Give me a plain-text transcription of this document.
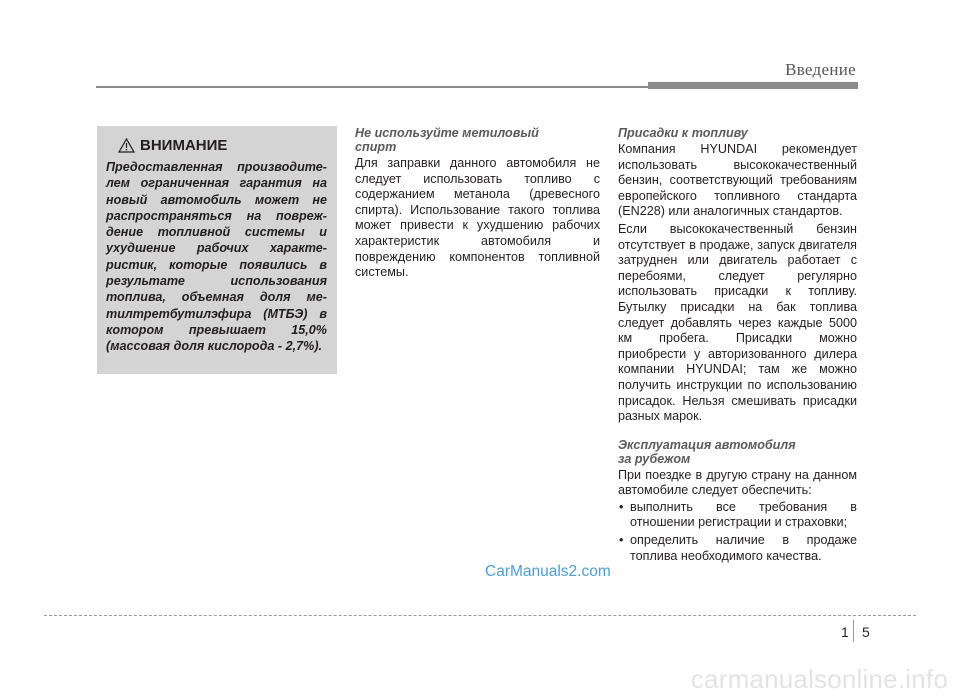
Введение
ВНИМАНИЕ
Предоставленная производителем ограниченная гарантия на новый автомобиль может не распространяться на повреждение топливной системы и ухудшение рабочих характеристик, которые появились в результате использования топлива, объемная доля метилтретбутилэфира (МТБЭ) в котором превышает 15,0% (массовая доля кислорода - 2,7%).
Не используйте метиловый
спирт

Для заправки данного автомобиля не следует использовать топливо с содержанием метанола (древесного спирта). Использование такого топлива может привести к ухудшению рабочих характеристик автомобиля и повреждению компонентов топливной системы.

Присадки к топливу

Компания HYUNDAI рекомендует использовать высококачественный бензин, соответствующий требованиям европейского топливного стандарта (EN228) или аналогичных стандартов.

Если высококачественный бензин отсутствует в продаже, запуск двигателя затруднен или двигатель работает с перебоями, следует регулярно использовать присадки к топливу. Бутылку присадки на бак топлива следует добавлять через каждые 5000 км пробега. Присадки можно приобрести у авторизованного дилера компании HYUNDAI; там же можно получить инструкции по использованию присадок. Нельзя смешивать присадки разных марок.

Эксплуатация автомобиля
за рубежом

При поездке в другую страну на данном автомобиле следует обеспечить:

• выполнить все требования в отношении регистрации и страховки;
• определить наличие в продаже топлива необходимого качества.
CarManuals2.com
1 5
carmanualsonline.info
